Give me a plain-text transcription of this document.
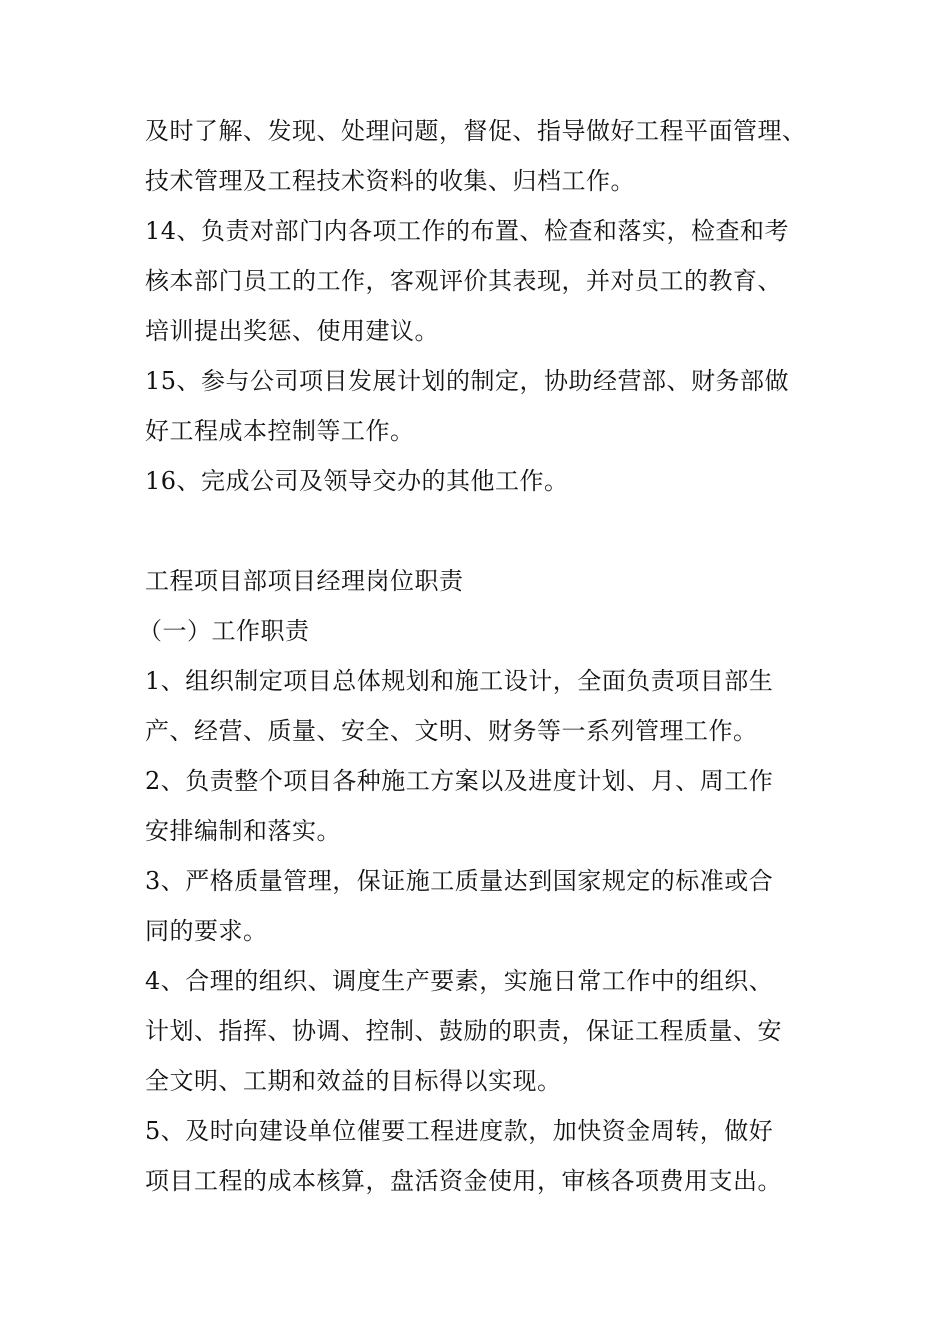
及时了解、发现、处理问题，督促、指导做好工程平面管理、
技术管理及工程技术资料的收集、归档工作。
14、负责对部门内各项工作的布置、检查和落实，检查和考
核本部门员工的工作，客观评价其表现，并对员工的教育、
培训提出奖惩、使用建议。
15、参与公司项目发展计划的制定，协助经营部、财务部做
好工程成本控制等工作。
16、完成公司及领导交办的其他工作。
工程项目部项目经理岗位职责
（一）工作职责
1、组织制定项目总体规划和施工设计，全面负责项目部生
产、经营、质量、安全、文明、财务等一系列管理工作。
2、负责整个项目各种施工方案以及进度计划、月、周工作
安排编制和落实。
3、严格质量管理，保证施工质量达到国家规定的标准或合
同的要求。
4、合理的组织、调度生产要素，实施日常工作中的组织、
计划、指挥、协调、控制、鼓励的职责，保证工程质量、安
全文明、工期和效益的目标得以实现。
5、及时向建设单位催要工程进度款，加快资金周转，做好
项目工程的成本核算，盘活资金使用，审核各项费用支出。
